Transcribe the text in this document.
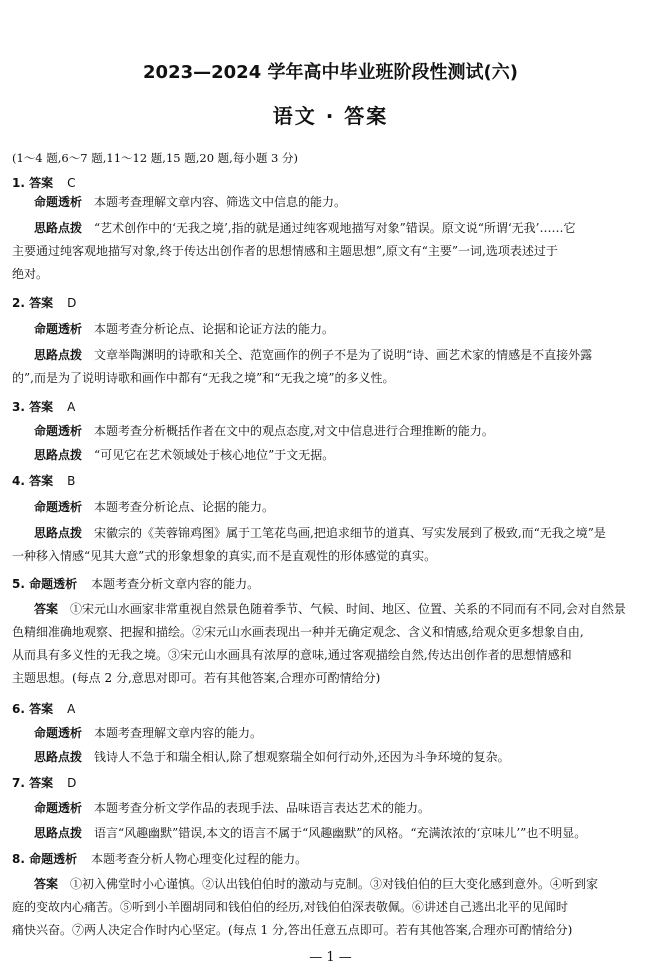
2023—2024 学年高中毕业班阶段性测试(六)
语文 · 答案
(1～4 题,6～7 题,11～12 题,15 题,20 题,每小题 3 分)
1. 答案 C
命题透析 本题考查理解文章内容、筛选文中信息的能力。
思路点拨 “艺术创作中的‘无我之境’,指的就是通过纯客观地描写对象”错误。原文说“所谓‘无我’……它
主要通过纯客观地描写对象,终于传达出创作者的思想情感和主题思想”,原文有“主要”一词,选项表述过于
绝对。
2. 答案 D
命题透析 本题考查分析论点、论据和论证方法的能力。
思路点拨 文章举陶渊明的诗歌和关仝、范宽画作的例子不是为了说明“诗、画艺术家的情感是不直接外露
的”,而是为了说明诗歌和画作中都有“无我之境”和“无我之境”的多义性。
3. 答案 A
命题透析 本题考查分析概括作者在文中的观点态度,对文中信息进行合理推断的能力。
思路点拨 “可见它在艺术领域处于核心地位”于文无据。
4. 答案 B
命题透析 本题考查分析论点、论据的能力。
思路点拨 宋徽宗的《芙蓉锦鸡图》属于工笔花鸟画,把追求细节的道真、写实发展到了极致,而“无我之境”是
一种移入情感“见其大意”式的形象想象的真实,而不是直观性的形体感觉的真实。
5. 命题透析 本题考查分析文章内容的能力。
答案 ①宋元山水画家非常重视自然景色随着季节、气候、时间、地区、位置、关系的不同而有不同,会对自然景
色精细准确地观察、把握和描绘。②宋元山水画表现出一种并无确定观念、含义和情感,给观众更多想象自由,
从而具有多义性的无我之境。③宋元山水画具有浓厚的意味,通过客观描绘自然,传达出创作者的思想情感和
主题思想。(每点 2 分,意思对即可。若有其他答案,合理亦可酌情给分)
6. 答案 A
命题透析 本题考查理解文章内容的能力。
思路点拨 钱诗人不急于和瑞全相认,除了想观察瑞全如何行动外,还因为斗争环境的复杂。
7. 答案 D
命题透析 本题考查分析文学作品的表现手法、品味语言表达艺术的能力。
思路点拨 语言“风趣幽默”错误,本文的语言不属于“风趣幽默”的风格。“充满浓浓的‘京味儿’”也不明显。
8. 命题透析 本题考查分析人物心理变化过程的能力。
答案 ①初入佛堂时小心谨慎。②认出钱伯伯时的激动与克制。③对钱伯伯的巨大变化感到意外。④听到家
庭的变故内心痛苦。⑤听到小羊圈胡同和钱伯伯的经历,对钱伯伯深表敬佩。⑥讲述自己逃出北平的见闻时
痛快兴奋。⑦两人决定合作时内心坚定。(每点 1 分,答出任意五点即可。若有其他答案,合理亦可酌情给分)
— 1 —
